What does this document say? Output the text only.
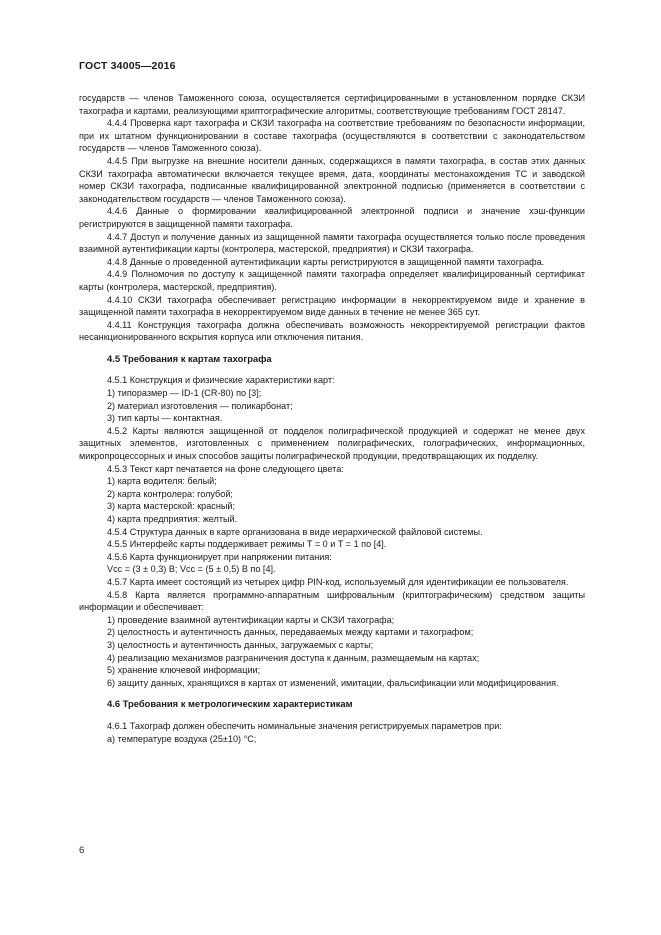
ГОСТ 34005—2016

государств — членов Таможенного союза, осуществляется сертифицированными в установленном порядке СКЗИ тахографа и картами, реализующими криптографические алгоритмы, соответствующие требованиям ГОСТ 28147.

4.4.4 Проверка карт тахографа и СКЗИ тахографа на соответствие требованиям по безопасности информации, при их штатном функционировании в составе тахографа (осуществляются в соответствии с законодательством государств — членов Таможенного союза).

4.4.5 При выгрузке на внешние носители данных, содержащихся в памяти тахографа, в состав этих данных СКЗИ тахографа автоматически включается текущее время, дата, координаты местонахождения ТС и заводской номер СКЗИ тахографа, подписанные квалифицированной электронной подписью (применяется в соответствии с законодательством государств — членов Таможенного союза).

4.4.6 Данные о формировании квалифицированной электронной подписи и значение хэш-функции регистрируются в защищенной памяти тахографа.

4.4.7 Доступ и получение данных из защищенной памяти тахографа осуществляется только после проведения взаимной аутентификации карты (контролера, мастерской, предприятия) и СКЗИ тахографа.

4.4.8 Данные о проведенной аутентификации карты регистрируются в защищенной памяти тахографа.

4.4.9 Полномочия по доступу к защищенной памяти тахографа определяет квалифицированный сертификат карты (контролера, мастерской, предприятия).

4.4.10 СКЗИ тахографа обеспечивает регистрацию информации в некорректируемом виде и хранение в защищенной памяти тахографа в некорректируемом виде данных в течение не менее 365 сут.

4.4.11 Конструкция тахографа должна обеспечивать возможность некорректируемой регистрации фактов несанкционированного вскрытия корпуса или отключения питания.

4.5 Требования к картам тахографа

4.5.1 Конструкция и физические характеристики карт:

1) типоразмер — ID-1 (CR-80) по [3];

2) материал изготовления — поликарбонат;

3) тип карты — контактная.

4.5.2 Карты являются защищенной от подделок полиграфической продукцией и содержат не менее двух защитных элементов, изготовленных с применением полиграфических, голографических, информационных, микропроцессорных и иных способов защиты полиграфической продукции, предотвращающих их подделку.

4.5.3 Текст карт печатается на фоне следующего цвета:

1) карта водителя: белый;

2) карта контролера: голубой;

3) карта мастерской: красный;

4) карта предприятия: желтый.

4.5.4 Структура данных в карте организована в виде иерархической файловой системы.

4.5.5 Интерфейс карты поддерживает режимы T = 0 и T = 1 по [4].

4.5.6 Карта функционирует при напряжении питания:

Vcc = (3 ± 0,3) В; Vcc = (5 ± 0,5) В по [4].

4.5.7 Карта имеет состоящий из четырех цифр PIN-код, используемый для идентификации ее пользователя.

4.5.8 Карта является программно-аппаратным шифровальным (криптографическим) средством защиты информации и обеспечивает:

1) проведение взаимной аутентификации карты и СКЗИ тахографа;

2) целостность и аутентичность данных, передаваемых между картами и тахографом;

3) целостность и аутентичность данных, загружаемых с карты;

4) реализацию механизмов разграничения доступа к данным, размещаемым на картах;

5) хранение ключевой информации;

6) защиту данных, хранящихся в картах от изменений, имитации, фальсификации или модифицирования.

4.6 Требования к метрологическим характеристикам

4.6.1 Тахограф должен обеспечить номинальные значения регистрируемых параметров при:

а) температуре воздуха (25±10) °C;

6
